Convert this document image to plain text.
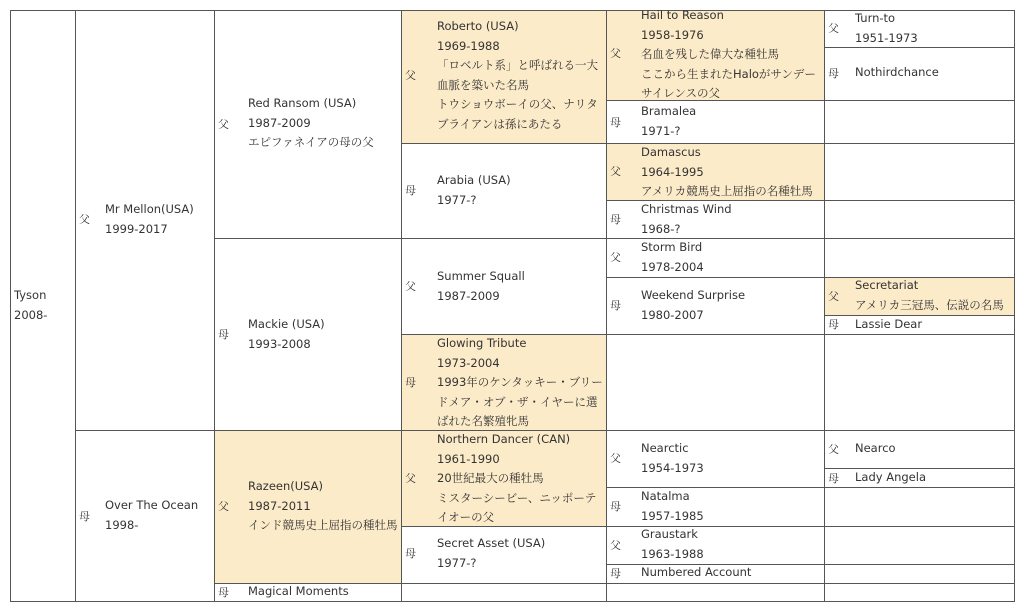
Tyson
2008-
父
Mr Mellon(USA)
1999-2017
母
Over The Ocean
1998-
父
Red Ransom (USA)
1987-2009
エピファネイアの母の父
母
Mackie (USA)
1993-2008
父
Razeen(USA)
1987-2011
インド競馬史上屈指の種牡馬
母 Magical Moments
父
Roberto (USA)
1969-1988
「ロベルト系」と呼ばれる一大
血脈を築いた名馬
トウショウボーイの父、ナリタ
ブライアンは孫にあたる
母
Arabia (USA)
1977-?
父
Summer Squall
1987-2009
母
Glowing Tribute
1973-2004
1993年のケンタッキー・ブリー
ドメア・オブ・ザ・イヤーに選
ばれた名繁殖牝馬
父
Northern Dancer (CAN)
1961-1990
20世紀最大の種牡馬
ミスターシービー、ニッポーテ
イオーの父
母
Secret Asset (USA)
1977-?
父
Hail to Reason
1958-1976
名血を残した偉大な種牡馬
ここから生まれたHaloがサンデー
サイレンスの父
母
Bramalea
1971-?
父
Damascus
1964-1995
アメリカ競馬史上屈指の名種牡馬
母
Christmas Wind
1968-?
父
Storm Bird
1978-2004
母
Weekend Surprise
1980-2007
父
Nearctic
1954-1973
母
Natalma
1957-1985
父
Graustark
1963-1988
母 Numbered Account
父
Turn-to
1951-1973
母 Nothirdchance
父
Secretariat
アメリカ三冠馬、伝説の名馬
母 Lassie Dear
父 Nearco
母 Lady Angela
